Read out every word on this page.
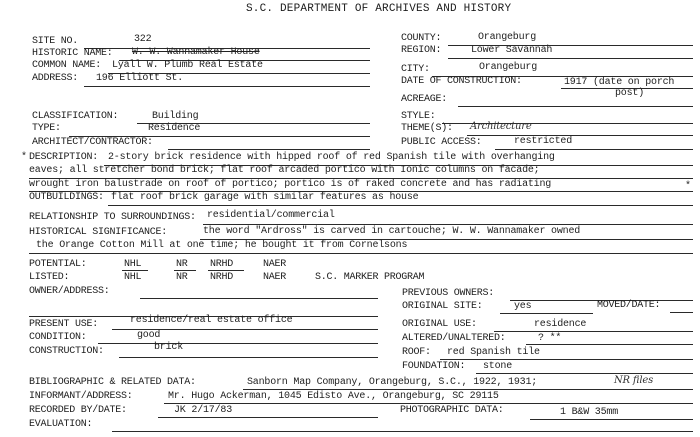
S.C. DEPARTMENT OF ARCHIVES AND HISTORY
SITE NO.	322
HISTORIC NAME: W. W. Wannamaker House
COMMON NAME: Lyall W. Plumb Real Estate
ADDRESS: 196 Elliott St.
COUNTY:	Orangeburg
REGION:	Lower Savannah
CITY:	Orangeburg
DATE OF CONSTRUCTION:	1917 (date on porch
post)
ACREAGE:
CLASSIFICATION:	Building
TYPE:	Residence
ARCHITECT/CONTRACTOR:
STYLE:
THEME(S): Architecture
PUBLIC ACCESS:	restricted
* DESCRIPTION: 2-story brick residence with hipped roof of red Spanish tile with overhanging
eaves; all stretcher bond brick; flat roof arcaded portico with Ionic columns on facade;
wrought iron balustrade on roof of portico; portico is of raked concrete and has radiating	*
OUTBUILDINGS: flat roof brick garage with similar features as house
RELATIONSHIP TO SURROUNDINGS: residential/commercial
HISTORICAL SIGNIFICANCE:	the word "Ardross" is carved in cartouche; W. W. Wannamaker owned
the Orange Cotton Mill at one time; he bought it from Cornelsons
POTENTIAL:	NHL	NR NRHD	NAER
LISTED:	NHL	NR NRHD	NAER	S.C. MARKER PROGRAM
OWNER/ADDRESS:	PREVIOUS OWNERS:
ORIGINAL SITE:	yes	MOVED/DATE:
PRESENT USE:	residence/real estate office	ORIGINAL USE:	residence
CONDITION:	good	ALTERED/UNALTERED:	? **
CONSTRUCTION:	brick	ROOF: red Spanish tile
FOUNDATION: stone
BIBLIOGRAPHIC & RELATED DATA:	Sanborn Map Company, Orangeburg, S.C., 1922, 1931;	NR files
INFORMANT/ADDRESS:	Mr. Hugo Ackerman, 1045 Edisto Ave., Orangeburg, SC 29115
RECORDED BY/DATE:	JK 2/17/83	PHOTOGRAPHIC DATA:	1 B&W 35mm
EVALUATION:
